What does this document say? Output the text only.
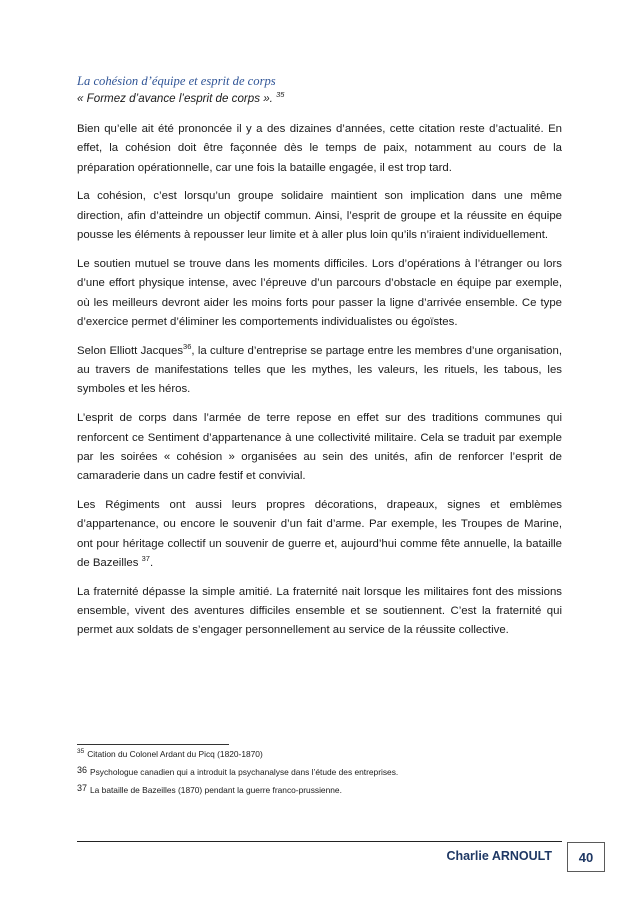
La cohésion d’équipe et esprit de corps

« Formez d’avance l’esprit de corps ». $^{35}$

Bien qu’elle ait été prononcée il y a des dizaines d’années, cette citation reste d’actualité. En effet, la cohésion doit être façonnée dès le temps de paix, notamment au cours de la préparation opérationnelle, car une fois la bataille engagée, il est trop tard.

La cohésion, c’est lorsqu’un groupe solidaire maintient son implication dans une même direction, afin d’atteindre un objectif commun. Ainsi, l’esprit de groupe et la réussite en équipe pousse les éléments à repousser leur limite et à aller plus loin qu’ils n’iraient individuellement.

Le soutien mutuel se trouve dans les moments difficiles. Lors d’opérations à l’étranger ou lors d’une effort physique intense, avec l’épreuve d’un parcours d’obstacle en équipe par exemple, où les meilleurs devront aider les moins forts pour passer la ligne d’arrivée ensemble. Ce type d’exercice permet d’éliminer les comportements individualistes ou égoïstes.

Selon Elliott Jacques$^{36}$, la culture d’entreprise se partage entre les membres d’une organisation, au travers de manifestations telles que les mythes, les valeurs, les rituels, les tabous, les symboles et les héros.

L’esprit de corps dans l’armée de terre repose en effet sur des traditions communes qui renforcent ce Sentiment d’appartenance à une collectivité militaire. Cela se traduit par exemple par les soirées « cohésion » organisées au sein des unités, afin de renforcer l’esprit de camaraderie dans un cadre festif et convivial.

Les Régiments ont aussi leurs propres décorations, drapeaux, signes et emblèmes d’appartenance, ou encore le souvenir d’un fait d’arme. Par exemple, les Troupes de Marine, ont pour héritage collectif un souvenir de guerre et, aujourd’hui comme fête annuelle, la bataille de Bazeilles $^{37}$.

La fraternité dépasse la simple amitié. La fraternité nait lorsque les militaires font des missions ensemble, vivent des aventures difficiles ensemble et se soutiennent. C’est la fraternité qui permet aux soldats de s’engager personnellement au service de la réussite collective.

$^{35}$ Citation du Colonel Ardant du Picq (1820-1870)

36 Psychologue canadien qui a introduit la psychanalyse dans l’étude des entreprises.

37 La bataille de Bazeilles (1870) pendant la guerre franco-prussienne.

Charlie ARNOULT	40
